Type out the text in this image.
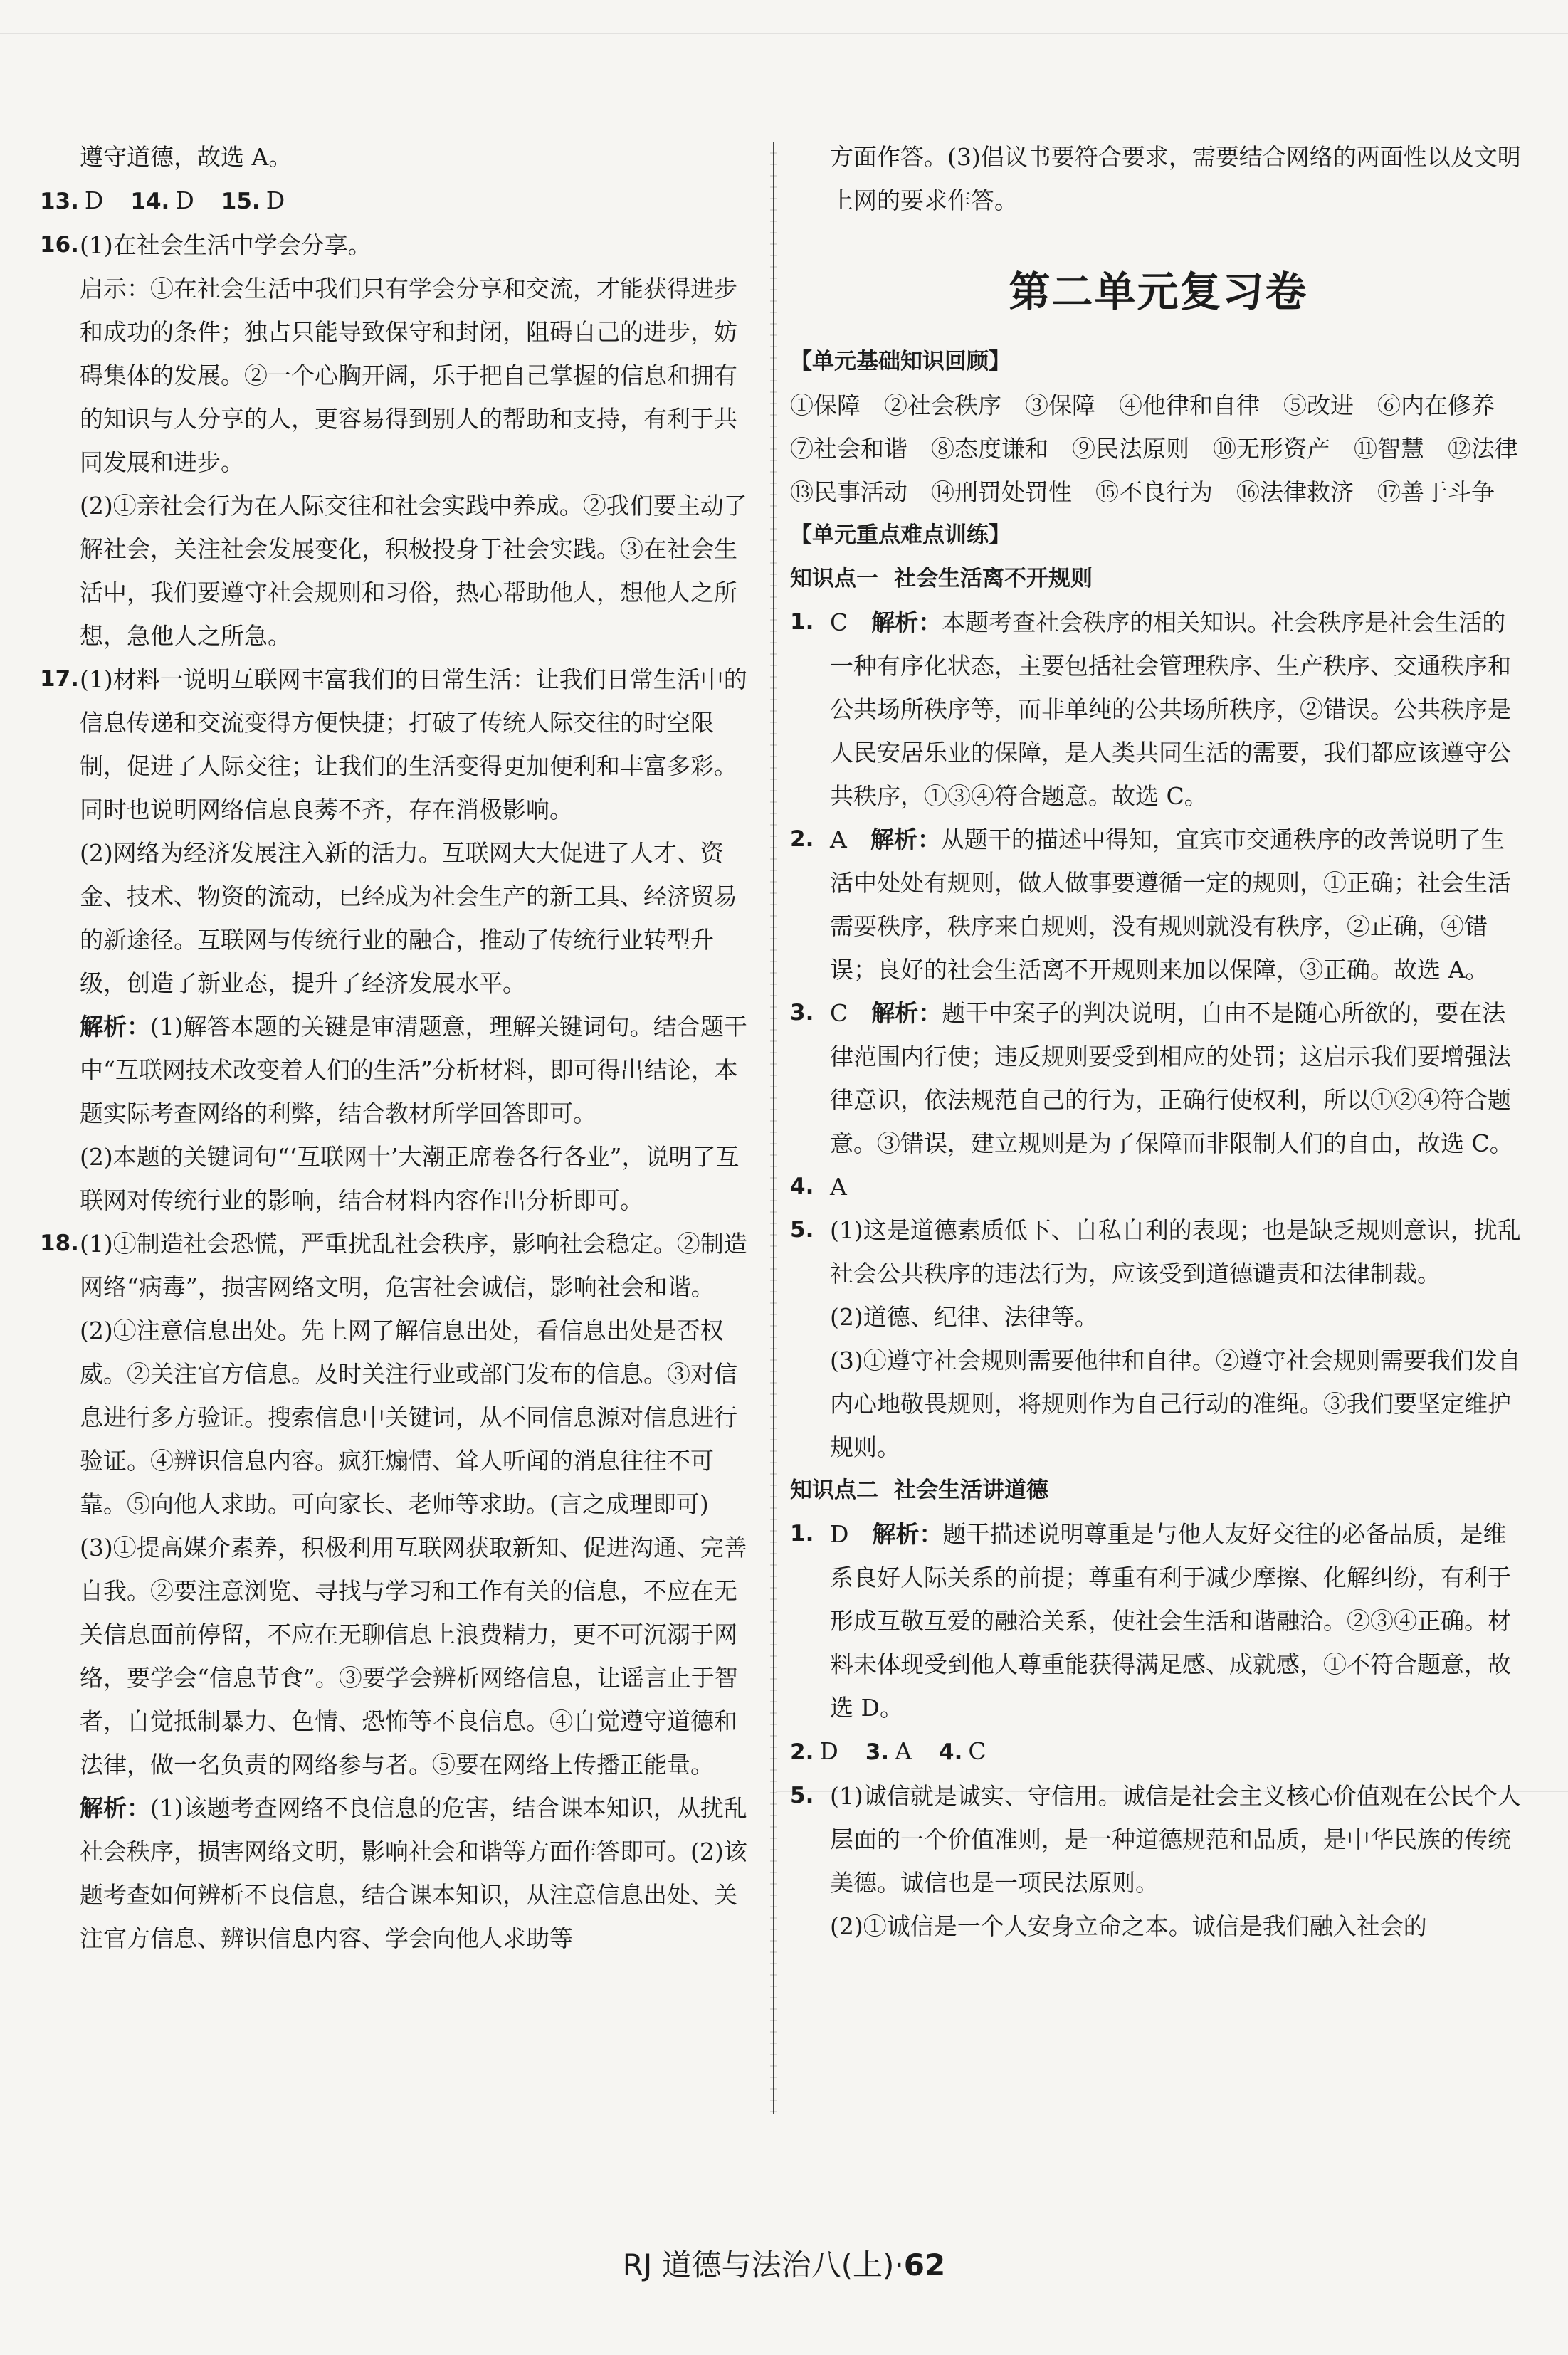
遵守道德，故选 A。

13. D 14. D 15. D

16. (1)在社会生活中学会分享。

启示：①在社会生活中我们只有学会分享和交流，才能获得进步和成功的条件；独占只能导致保守和封闭，阻碍自己的进步，妨碍集体的发展。②一个心胸开阔，乐于把自己掌握的信息和拥有的知识与人分享的人，更容易得到别人的帮助和支持，有利于共同发展和进步。

(2)①亲社会行为在人际交往和社会实践中养成。②我们要主动了解社会，关注社会发展变化，积极投身于社会实践。③在社会生活中，我们要遵守社会规则和习俗，热心帮助他人，想他人之所想，急他人之所急。

17. (1)材料一说明互联网丰富我们的日常生活：让我们日常生活中的信息传递和交流变得方便快捷；打破了传统人际交往的时空限制，促进了人际交往；让我们的生活变得更加便利和丰富多彩。同时也说明网络信息良莠不齐，存在消极影响。

(2)网络为经济发展注入新的活力。互联网大大促进了人才、资金、技术、物资的流动，已经成为社会生产的新工具、经济贸易的新途径。互联网与传统行业的融合，推动了传统行业转型升级，创造了新业态，提升了经济发展水平。

解析：(1)解答本题的关键是审清题意，理解关键词句。结合题干中“互联网技术改变着人们的生活”分析材料，即可得出结论，本题实际考查网络的利弊，结合教材所学回答即可。

(2)本题的关键词句“‘互联网十’大潮正席卷各行各业”，说明了互联网对传统行业的影响，结合材料内容作出分析即可。

18. (1)①制造社会恐慌，严重扰乱社会秩序，影响社会稳定。②制造网络“病毒”，损害网络文明，危害社会诚信，影响社会和谐。

(2)①注意信息出处。先上网了解信息出处，看信息出处是否权威。②关注官方信息。及时关注行业或部门发布的信息。③对信息进行多方验证。搜索信息中关键词，从不同信息源对信息进行验证。④辨识信息内容。疯狂煽情、耸人听闻的消息往往不可靠。⑤向他人求助。可向家长、老师等求助。(言之成理即可)

(3)①提高媒介素养，积极利用互联网获取新知、促进沟通、完善自我。②要注意浏览、寻找与学习和工作有关的信息，不应在无关信息面前停留，不应在无聊信息上浪费精力，更不可沉溺于网络，要学会“信息节食”。③要学会辨析网络信息，让谣言止于智者，自觉抵制暴力、色情、恐怖等不良信息。④自觉遵守道德和法律，做一名负责的网络参与者。⑤要在网络上传播正能量。

解析：(1)该题考查网络不良信息的危害，结合课本知识，从扰乱社会秩序，损害网络文明，影响社会和谐等方面作答即可。(2)该题考查如何辨析不良信息，结合课本知识，从注意信息出处、关注官方信息、辨识信息内容、学会向他人求助等

方面作答。(3)倡议书要符合要求，需要结合网络的两面性以及文明上网的要求作答。

第二单元复习卷

【 单元基础知识回顾 】

①保障　②社会秩序　③保障　④他律和自律　⑤改进　⑥内在修养　⑦社会和谐　⑧态度谦和　⑨民法原则　⑩无形资产　⑪智慧　⑫法律　⑬民事活动　⑭刑罚处罚性　⑮不良行为　⑯法律救济　⑰善于斗争

【 单元重点难点训练 】

知识点一 社会生活离不开规则

1. C　 解析：本题考查社会秩序的相关知识。社会秩序是社会生活的一种有序化状态，主要包括社会管理秩序、生产秩序、交通秩序和公共场所秩序等，而非单纯的公共场所秩序，②错误。公共秩序是人民安居乐业的保障，是人类共同生活的需要，我们都应该遵守公共秩序，①③④符合题意。故选 C。

2. A　 解析：从题干的描述中得知，宜宾市交通秩序的改善说明了生活中处处有规则，做人做事要遵循一定的规则，①正确；社会生活需要秩序，秩序来自规则，没有规则就没有秩序，②正确，④错误；良好的社会生活离不开规则来加以保障，③正确。故选 A。

3. C　 解析：题干中案子的判决说明，自由不是随心所欲的，要在法律范围内行使；违反规则要受到相应的处罚；这启示我们要增强法律意识，依法规范自己的行为，正确行使权利，所以①②④符合题意。③错误，建立规则是为了保障而非限制人们的自由，故选 C。

4. A

5. (1)这是道德素质低下、自私自利的表现；也是缺乏规则意识，扰乱社会公共秩序的违法行为，应该受到道德谴责和法律制裁。

(2)道德、纪律、法律等。

(3)①遵守社会规则需要他律和自律。②遵守社会规则需要我们发自内心地敬畏规则，将规则作为自己行动的准绳。③我们要坚定维护规则。

知识点二 社会生活讲道德

1. D　 解析：题干描述说明尊重是与他人友好交往的必备品质，是维系良好人际关系的前提；尊重有利于减少摩擦、化解纠纷，有利于形成互敬互爱的融洽关系，使社会生活和谐融洽。②③④正确。材料未体现受到他人尊重能获得满足感、成就感，①不符合题意，故选 D。

2. D 3. A 4. C

5. (1)诚信就是诚实、守信用。诚信是社会主义核心价值观在公民个人层面的一个价值准则，是一种道德规范和品质，是中华民族的传统美德。诚信也是一项民法原则。

(2)①诚信是一个人安身立命之本。诚信是我们融入社会的

RJ 道德与法治八(上)·62
